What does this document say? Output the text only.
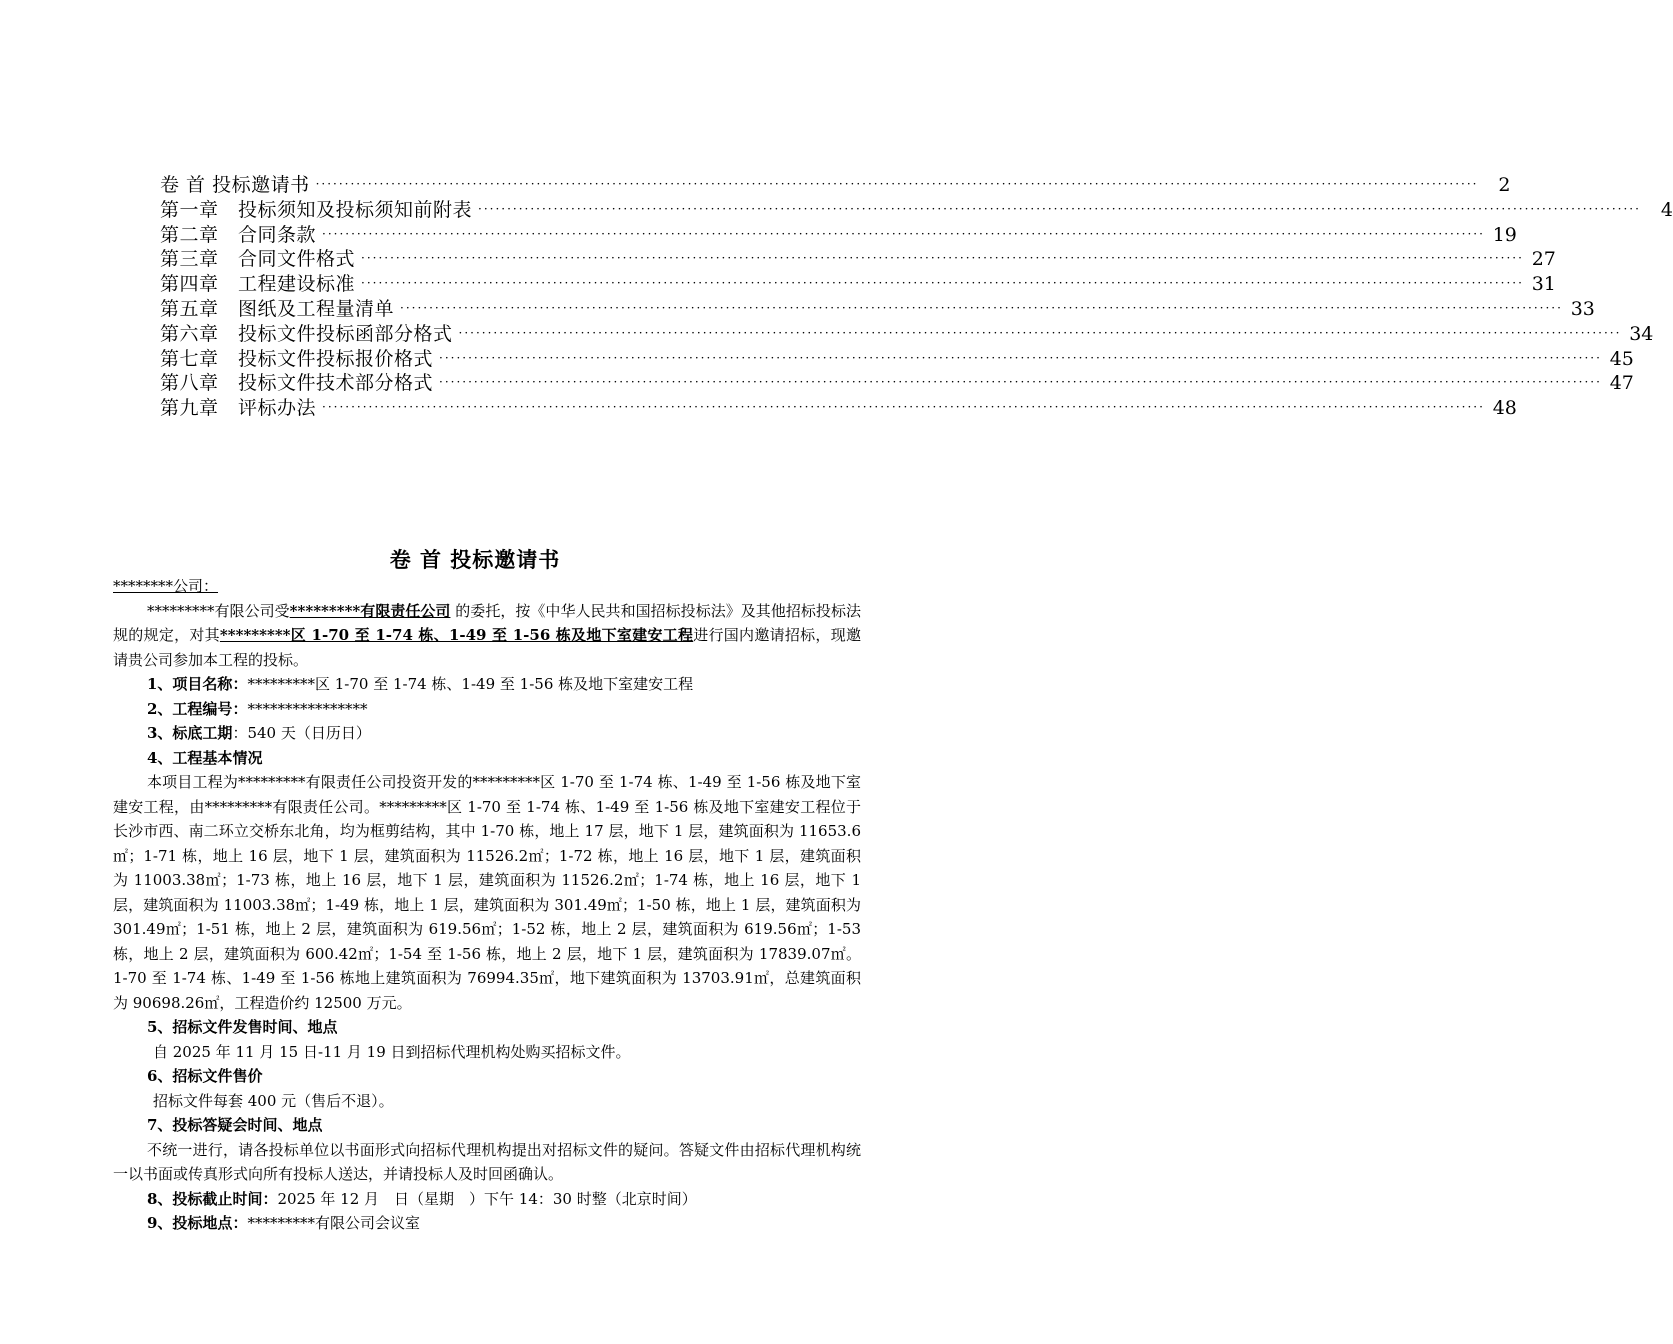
卷 首 投标邀请书 ········································································································································································································	2
第一章　投标须知及投标须知前附表 ········································································································································································································	4
第二章　合同条款 ········································································································································································································ 19
第三章　合同文件格式 ········································································································································································································ 27
第四章　工程建设标准 ········································································································································································································ 31
第五章　图纸及工程量清单 ········································································································································································································ 33
第六章　投标文件投标函部分格式 ········································································································································································································ 34
第七章　投标文件投标报价格式 ········································································································································································································ 45
第八章　投标文件技术部分格式 ········································································································································································································ 47
第九章　评标办法 ········································································································································································································ 48
卷 首 投标邀请书

********公司：

*********有限公司受*********有限责任公司 的委托，按《中华人民共和国招标投标法》及其他招标投标法规的规定，对其*********区 1-70 至 1-74 栋、1-49 至 1-56 栋及地下室建安工程进行国内邀请招标，现邀请贵公司参加本工程的投标。

1、项目名称：*********区 1-70 至 1-74 栋、1-49 至 1-56 栋及地下室建安工程

2、工程编号：****************

3、标底工期：540 天（日历日）

4、工程基本情况

本项目工程为*********有限责任公司投资开发的*********区 1-70 至 1-74 栋、1-49 至 1-56 栋及地下室建安工程，由*********有限责任公司。*********区 1-70 至 1-74 栋、1-49 至 1-56 栋及地下室建安工程位于长沙市西、南二环立交桥东北角，均为框剪结构，其中 1-70 栋，地上 17 层，地下 1 层，建筑面积为 11653.6㎡；1-71 栋，地上 16 层，地下 1 层，建筑面积为 11526.2㎡；1-72 栋，地上 16 层，地下 1 层，建筑面积为 11003.38㎡；1-73 栋，地上 16 层，地下 1 层，建筑面积为 11526.2㎡；1-74 栋，地上 16 层，地下 1 层，建筑面积为 11003.38㎡；1-49 栋，地上 1 层，建筑面积为 301.49㎡；1-50 栋，地上 1 层，建筑面积为 301.49㎡；1-51 栋，地上 2 层，建筑面积为 619.56㎡；1-52 栋，地上 2 层，建筑面积为 619.56㎡；1-53 栋，地上 2 层，建筑面积为 600.42㎡；1-54 至 1-56 栋，地上 2 层，地下 1 层，建筑面积为 17839.07㎡。1-70 至 1-74 栋、1-49 至 1-56 栋地上建筑面积为 76994.35㎡，地下建筑面积为 13703.91㎡，总建筑面积为 90698.26㎡，工程造价约 12500 万元。

5、招标文件发售时间、地点

自 2025 年 11 月 15 日-11 月 19 日到招标代理机构处购买招标文件。

6、招标文件售价

招标文件每套 400 元（售后不退）。

7、投标答疑会时间、地点

不统一进行，请各投标单位以书面形式向招标代理机构提出对招标文件的疑问。答疑文件由招标代理机构统一以书面或传真形式向所有投标人送达，并请投标人及时回函确认。

8、投标截止时间：2025 年 12 月　日（星期　）下午 14：30 时整（北京时间）

9、投标地点：*********有限公司会议室
